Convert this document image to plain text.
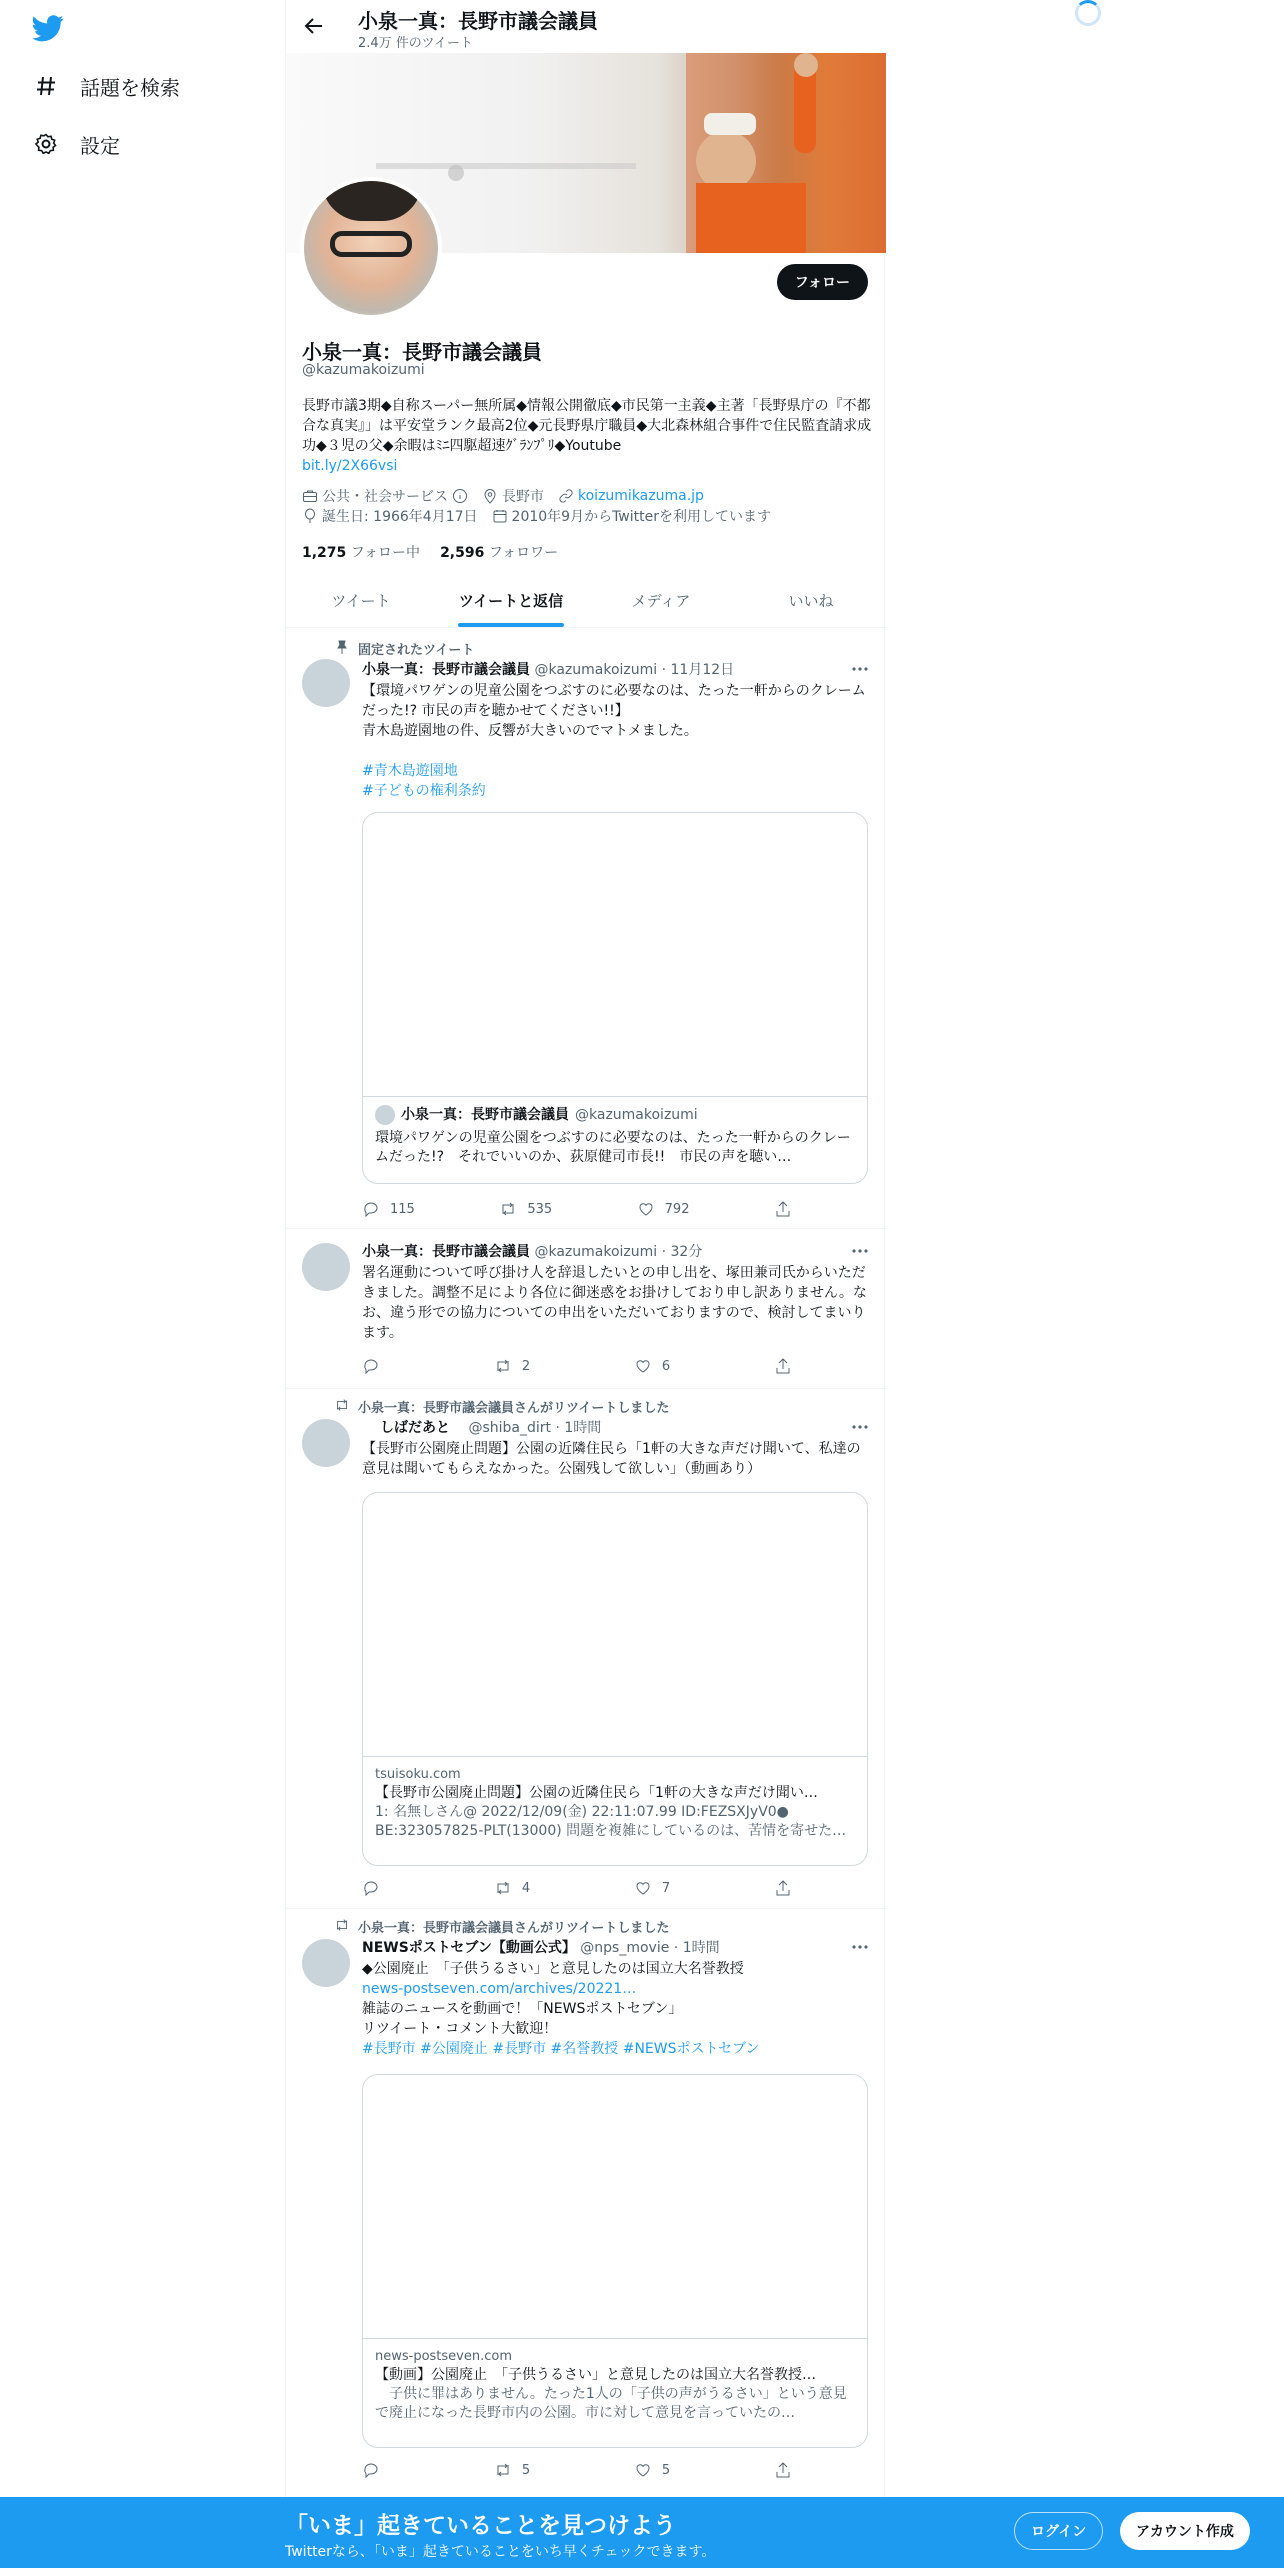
話題を検索
設定
小泉一真：長野市議会議員
2.4万 件のツイート
フォロー
小泉一真：長野市議会議員
@kazumakoizumi
長野市議3期◆自称スーパー無所属◆情報公開徹底◆市民第一主義◆主著「長野県庁の『不都合な真実』」は平安堂ランク最高2位◆元長野県庁職員◆大北森林組合事件で住民監査請求成功◆３児の父◆余暇はﾐﾆ四駆超速ｸﾞﾗﾝﾌﾟﾘ◆Youtube
bit.ly/2X66vsi
公共・社会サービス	長野市 koizumikazuma.jp
誕生日: 1966年4月17日 2010年9月からTwitterを利用しています
1,275 フォロー中 2,596 フォロワー
ツイート	ツイートと返信	メディア	いいね
固定されたツイート
小泉一真：長野市議会議員 @kazumakoizumi · 11月12日
【環境パワゲンの児童公園をつぶすのに必要なのは、たった一軒からのクレームだった!? 市民の声を聴かせてください!!】
青木島遊園地の件、反響が大きいのでマトメました。
#青木島遊園地
#子どもの権利条約
小泉一真：長野市議会議員 @kazumakoizumi
環境パワゲンの児童公園をつぶすのに必要なのは、たった一軒からのクレームだった!?　それでいいのか、荻原健司市長!!　市民の声を聴い…
115	535	792
小泉一真：長野市議会議員 @kazumakoizumi · 32分
署名運動について呼び掛け人を辞退したいとの申し出を、塚田兼司氏からいただきました。調整不足により各位に御迷惑をお掛けしており申し訳ありません。なお、違う形での協力についての申出をいただいておりますので、検討してまいります。
2	6
小泉一真：長野市議会議員さんがリツイートしました
しばだあと @shiba_dirt · 1時間
【長野市公園廃止問題】公園の近隣住民ら「1軒の大きな声だけ聞いて、私達の意見は聞いてもらえなかった。公園残して欲しい」（動画あり）
tsuisoku.com
【長野市公園廃止問題】公園の近隣住民ら「1軒の大きな声だけ聞い…
1: 名無しさん@ 2022/12/09(金) 22:11:07.99 ID:FEZSXJyV0● BE:323057825-PLT(13000) 問題を複雑にしているのは、苦情を寄せた…
4	7
小泉一真：長野市議会議員さんがリツイートしました
NEWSポストセブン【動画公式】 @nps_movie · 1時間
◆公園廃止　「子供うるさい」と意見したのは国立大名誉教授
news-postseven.com/archives/20221…
雑誌のニュースを動画で！「NEWSポストセブン」
リツイート・コメント大歓迎！
#長野市 #公園廃止 #長野市 #名誉教授 #NEWSポストセブン
news-postseven.com
【動画】公園廃止　「子供うるさい」と意見したのは国立大名誉教授…
　子供に罪はありません。たった1人の「子供の声がうるさい」という意見で廃止になった長野市内の公園。市に対して意見を言っていたの…
5	5
「いま」起きていることを見つけよう
Twitterなら、「いま」起きていることをいち早くチェックできます。
ログイン	アカウント作成
